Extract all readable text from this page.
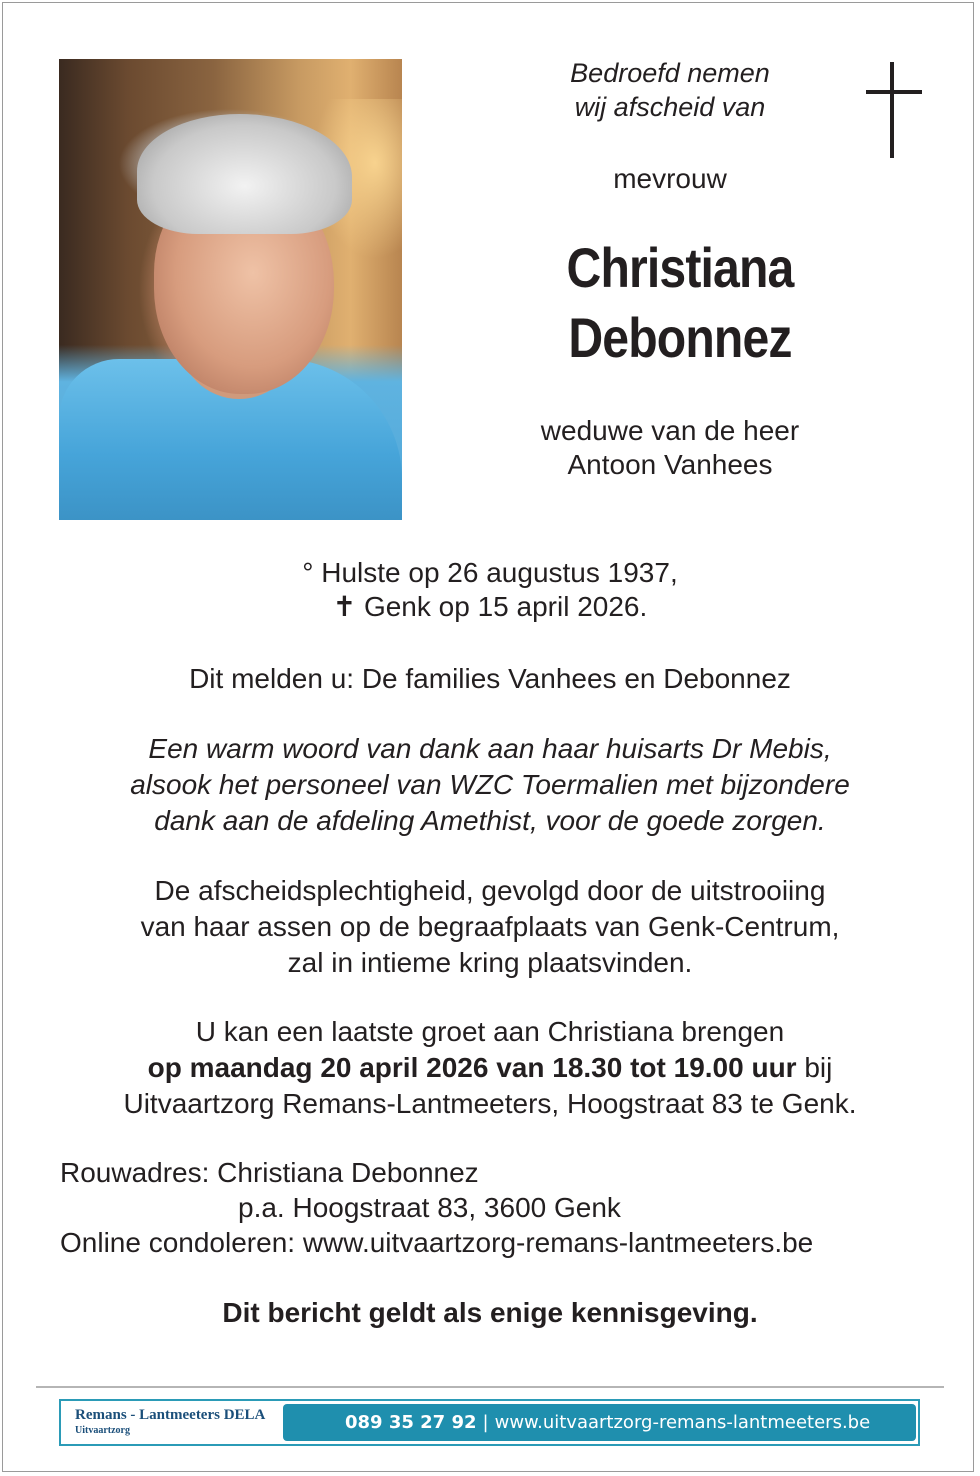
Bedroefd nemen
wij afscheid van
mevrouw
Christiana
Debonnez
weduwe van de heer
Antoon Vanhees
° Hulste op 26 augustus 1937,
✝ Genk op 15 april 2026.
Dit melden u: De families Vanhees en Debonnez
Een warm woord van dank aan haar huisarts Dr Mebis,
alsook het personeel van WZC Toermalien met bijzondere
dank aan de afdeling Amethist, voor de goede zorgen.
De afscheidsplechtigheid, gevolgd door de uitstrooiing
van haar assen op de begraafplaats van Genk-Centrum,
zal in intieme kring plaatsvinden.
U kan een laatste groet aan Christiana brengen
op maandag 20 april 2026 van 18.30 tot 19.00 uur bij
Uitvaartzorg Remans-Lantmeeters, Hoogstraat 83 te Genk.
Rouwadres: Christiana Debonnez
p.a. Hoogstraat 83, 3600 Genk
Online condoleren: www.uitvaartzorg-remans-lantmeeters.be
Dit bericht geldt als enige kennisgeving.
Remans - Lantmeeters DELA
Uitvaartzorg	089 35 27 92 | www.uitvaartzorg-remans-lantmeeters.be
